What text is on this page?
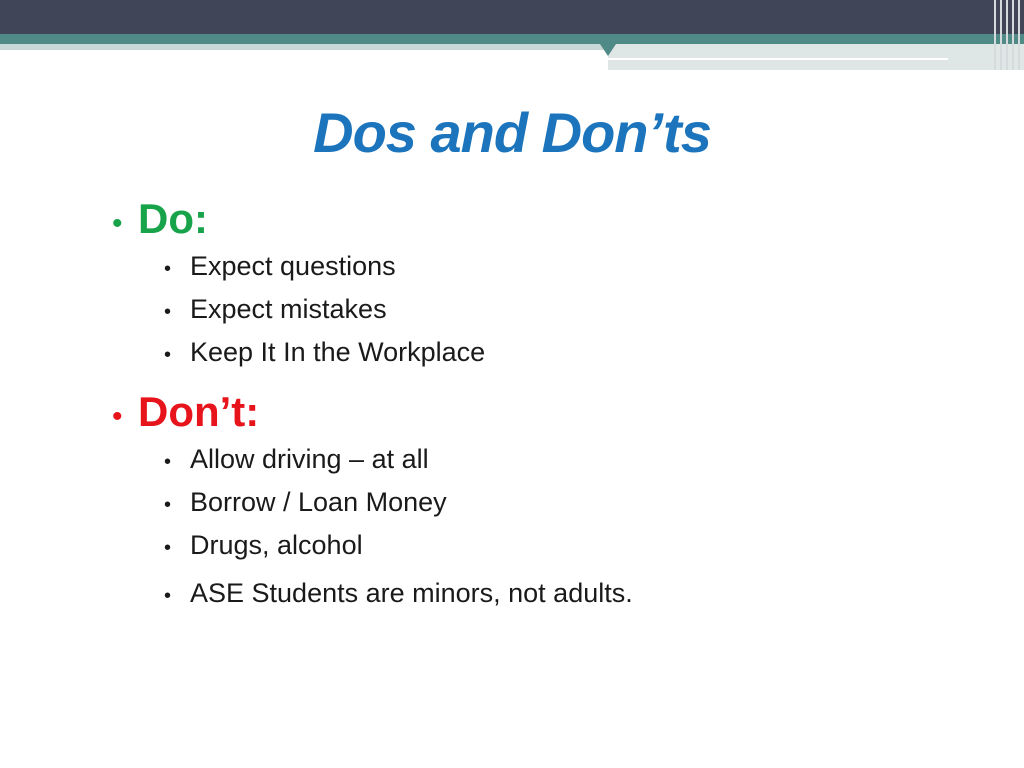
Dos and Don’ts
• Do:
• Expect questions
• Expect mistakes
• Keep It In the Workplace
• Don’t:
• Allow driving – at all
• Borrow / Loan Money
• Drugs, alcohol
• ASE Students are minors, not adults.
